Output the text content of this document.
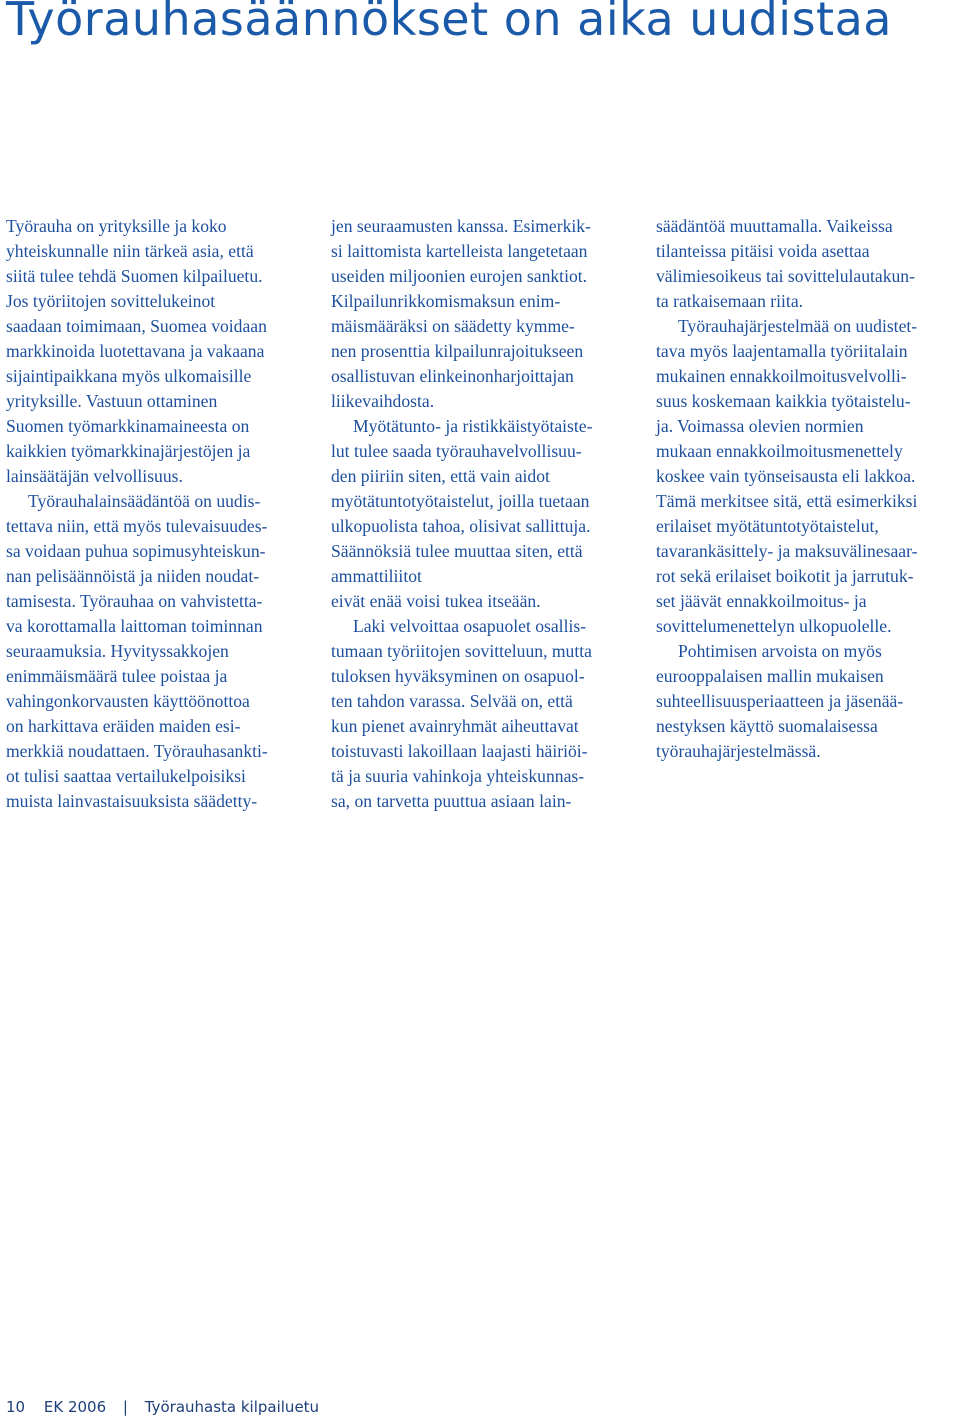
Työrauhasäännökset on aika uudistaa
Työrauha on yrityksille ja koko
yhteiskunnalle niin tärkeä asia, että
siitä tulee tehdä Suomen kilpailuetu.
Jos työriitojen sovittelukeinot
saadaan toimimaan, Suomea voidaan
markkinoida luotettavana ja vakaana
sijaintipaikkana myös ulkomaisille
yrityksille. Vastuun ottaminen
Suomen työmarkkinamaineesta on
kaikkien työmarkkinajärjestöjen ja
lainsäätäjän velvollisuus.
Työrauhalainsäädäntöä on uudis-
tettava niin, että myös tulevaisuudes-
sa voidaan puhua sopimusyhteiskun-
nan pelisäännöistä ja niiden noudat-
tamisesta. Työrauhaa on vahvistetta-
va korottamalla laittoman toiminnan
seuraamuksia. Hyvityssakkojen
enimmäismäärä tulee poistaa ja
vahingonkorvausten käyttöönottoa
on harkittava eräiden maiden esi-
merkkiä noudattaen. Työrauhasankti-
ot tulisi saattaa vertailukelpoisiksi
muista lainvastaisuuksista säädetty-
jen seuraamusten kanssa. Esimerkik-
si laittomista kartelleista langetetaan
useiden miljoonien eurojen sanktiot.
Kilpailunrikkomismaksun enim-
mäismääräksi on säädetty kymme-
nen prosenttia kilpailunrajoitukseen
osallistuvan elinkeinonharjoittajan
liikevaihdosta.
Myötätunto- ja ristikkäistyötaiste-
lut tulee saada työrauhavelvollisuu-
den piiriin siten, että vain aidot
myötätuntotyötaistelut, joilla tuetaan
ulkopuolista tahoa, olisivat sallittuja.
Säännöksiä tulee muuttaa siten, että
ammattiliitot
eivät enää voisi tukea itseään.
Laki velvoittaa osapuolet osallis-
tumaan työriitojen sovitteluun, mutta
tuloksen hyväksyminen on osapuol-
ten tahdon varassa. Selvää on, että
kun pienet avainryhmät aiheuttavat
toistuvasti lakoillaan laajasti häiriöi-
tä ja suuria vahinkoja yhteiskunnas-
sa, on tarvetta puuttua asiaan lain-
säädäntöä muuttamalla. Vaikeissa
tilanteissa pitäisi voida asettaa
välimiesoikeus tai sovittelulautakun-
ta ratkaisemaan riita.
Työrauhajärjestelmää on uudistet-
tava myös laajentamalla työriitalain
mukainen ennakkoilmoitusvelvolli-
suus koskemaan kaikkia työtaistelu-
ja. Voimassa olevien normien
mukaan ennakkoilmoitusmenettely
koskee vain työnseisausta eli lakkoa.
Tämä merkitsee sitä, että esimerkiksi
erilaiset myötätuntotyötaistelut,
tavarankäsittely- ja maksuvälinesaar-
rot sekä erilaiset boikotit ja jarrutuk-
set jäävät ennakkoilmoitus- ja
sovittelumenettelyn ulkopuolelle.
Pohtimisen arvoista on myös
eurooppalaisen mallin mukaisen
suhteellisuusperiaatteen ja jäsenää-
nestyksen käyttö suomalaisessa
työrauhajärjestelmässä.
10 EK 2006 | Työrauhasta kilpailuetu
